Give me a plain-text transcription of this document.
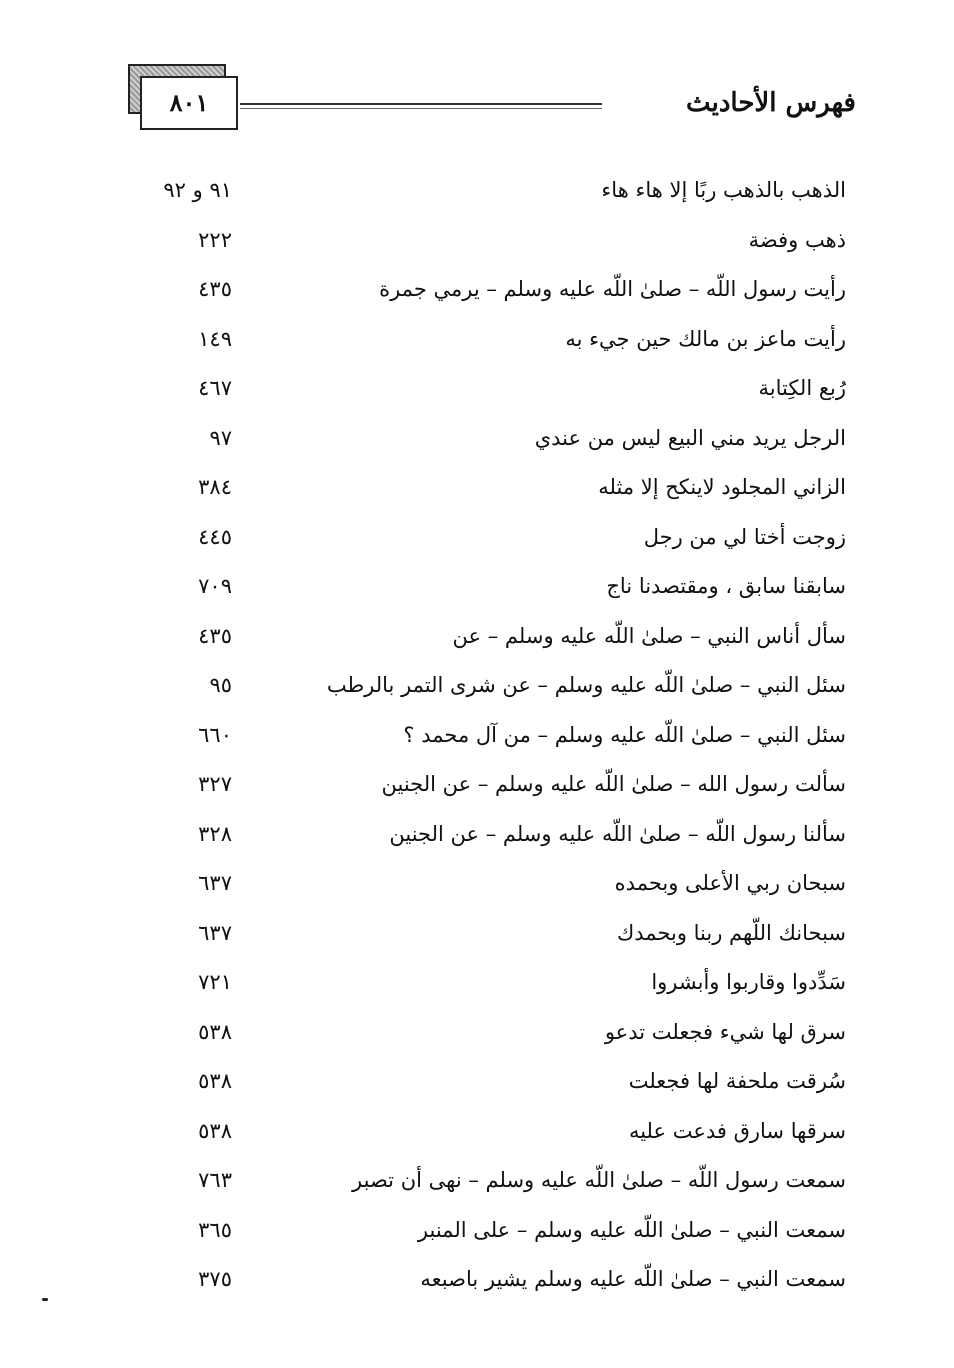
٨٠١	فهرس الأحاديث
الذهب بالذهب ربًا إلا هاء هاء
٩١ و ٩٢
ذهب وفضة
٢٢٢
رأيت رسول اللّه – صلىٰ اللّه عليه وسلم – يرمي جمرة
٤٣٥
رأيت ماعز بن مالك حين جيء به
١٤٩
رُبع الكِتابة
٤٦٧
الرجل يريد مني البيع ليس من عندي
٩٧
الزاني المجلود لاينكح إلا مثله
٣٨٤
زوجت أختا لي من رجل
٤٤٥
سابقنا سابق ، ومقتصدنا ناج
٧٠٩
سأل أناس النبي – صلىٰ اللّه عليه وسلم – عن
٤٣٥
سئل النبي – صلىٰ اللّه عليه وسلم – عن شرى التمر بالرطب
٩٥
سئل النبي – صلىٰ اللّه عليه وسلم – من آل محمد ؟
٦٦٠
سألت رسول الله – صلىٰ اللّه عليه وسلم – عن الجنين
٣٢٧
سألنا رسول اللّه – صلىٰ اللّه عليه وسلم – عن الجنين
٣٢٨
سبحان ربي الأعلى وبحمده
٦٣٧
سبحانك اللّهم ربنا وبحمدك
٦٣٧
سَدِّدوا وقاربوا وأبشروا
٧٢١
سرق لها شيء فجعلت تدعو
٥٣٨
سُرقت ملحفة لها فجعلت
٥٣٨
سرقها سارق فدعت عليه
٥٣٨
سمعت رسول اللّه – صلىٰ اللّه عليه وسلم – نهى أن تصبر
٧٦٣
سمعت النبي – صلىٰ اللّه عليه وسلم – على المنبر
٣٦٥
سمعت النبي – صلىٰ اللّه عليه وسلم يشير باصبعه
٣٧٥
